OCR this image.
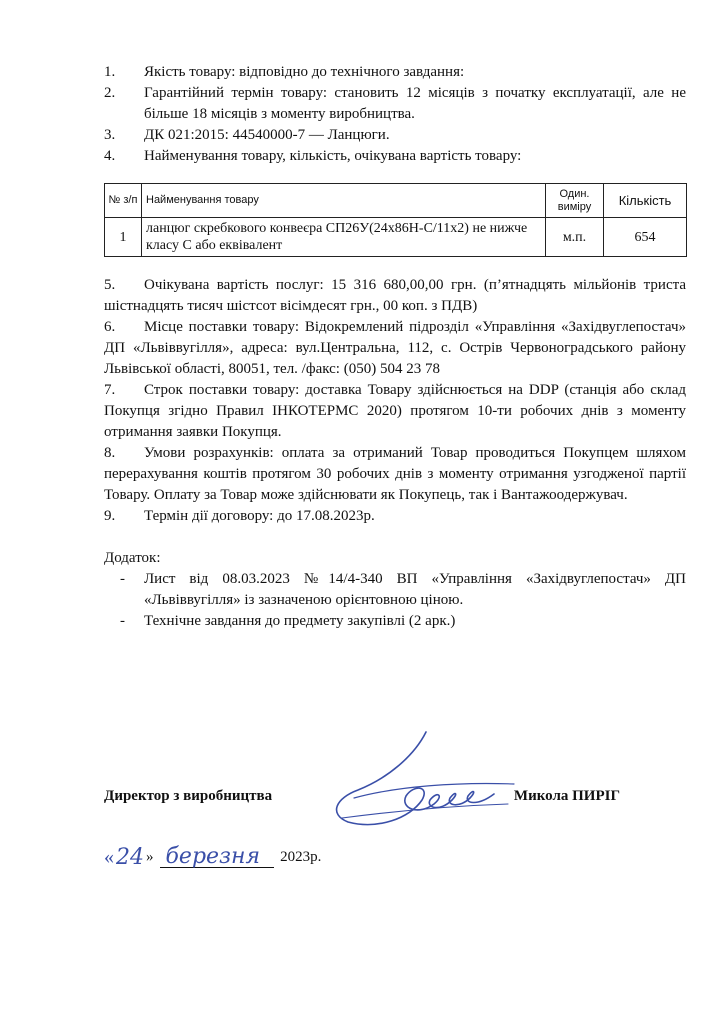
1.	Якість товару: відповідно до технічного завдання:
2.	Гарантійний термін товару: становить 12 місяців з початку експлуатації, але не більше 18 місяців з моменту виробництва.
3.	ДК 021:2015: 44540000-7 — Ланцюги.
4.	Найменування товару, кількість, очікувана вартість товару:
№ з/п	Найменування товару	Один. виміру	Кількість
1	ланцюг скребкового конвеєра СП26У(24х86Н-С/11х2) не нижче класу С або еквівалент	м.п.	654
5. Очікувана вартість послуг: 15 316 680,00,00 грн. (п’ятнадцять мільйонів триста шістнадцять тисяч шістсот вісімдесят грн., 00 коп. з ПДВ)
6. Місце поставки товару: Відокремлений підрозділ «Управління «Західвуглепостач» ДП «Львіввугілля», адреса: вул.Центральна, 112, с. Острів Червоноградського району Львівської області, 80051, тел. /факс: (050) 504 23 78
7. Строк поставки товару: доставка Товару здійснюється на DDP (станція або склад Покупця згідно Правил ІНКОТЕРМС 2020) протягом 10-ти робочих днів з моменту отримання заявки Покупця.
8. Умови розрахунків: оплата за отриманий Товар проводиться Покупцем шляхом перерахування коштів протягом 30 робочих днів з моменту отримання узгодженої партії Товару. Оплату за Товар може здійснювати як Покупець, так і Вантажоодержувач.
9. Термін дії договору: до 17.08.2023р.
Додаток:
-	Лист від 08.03.2023 №14/4-340 ВП «Управління «Західвуглепостач» ДП «Львіввугілля» із зазначеною орієнтовною ціною.
-	Технічне завдання до предмету закупівлі (2 арк.)
Директор з виробництва	Микола ПИРІГ
« 24 » березня	2023р.
